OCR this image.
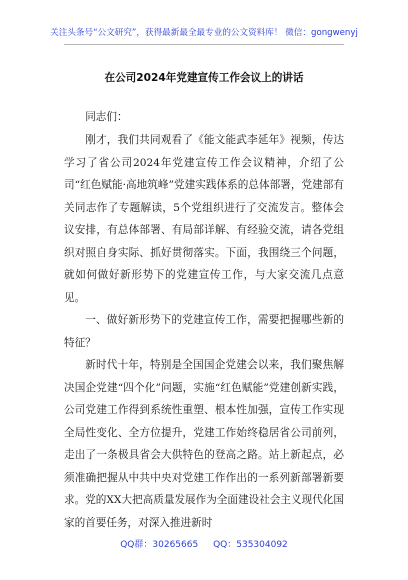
关注头条号“公文研究”，获得最新最全最专业的公文资料库！ 微信：gongwenyj
在公司2024年党建宣传工作会议上的讲话

同志们：

刚才，我们共同观看了《能文能武李延年》视频，传达学习了省公司2024年党建宣传工作会议精神，介绍了公司“红色赋能·高地筑峰”党建实践体系的总体部署，党建部有关同志作了专题解读，5个党组织进行了交流发言。整体会议安排，有总体部署、有局部详解、有经验交流，请各党组织对照自身实际、抓好贯彻落实。下面，我围绕三个问题，就如何做好新形势下的党建宣传工作，与大家交流几点意见。

一、做好新形势下的党建宣传工作，需要把握哪些新的特征？

新时代十年，特别是全国国企党建会以来，我们聚焦解决国企党建“四个化”问题，实施“红色赋能”党建创新实践，公司党建工作得到系统性重塑、根本性加强，宣传工作实现全局性变化、全方位提升，党建工作始终稳居省公司前列，走出了一条极具省会大供特色的登高之路。站上新起点，必须准确把握从中共中央对党建工作作出的一系列新部署新要求。党的XX大把高质量发展作为全面建设社会主义现代化国家的首要任务，对深入推进新时

QQ群：30265665 QQ：535304092
